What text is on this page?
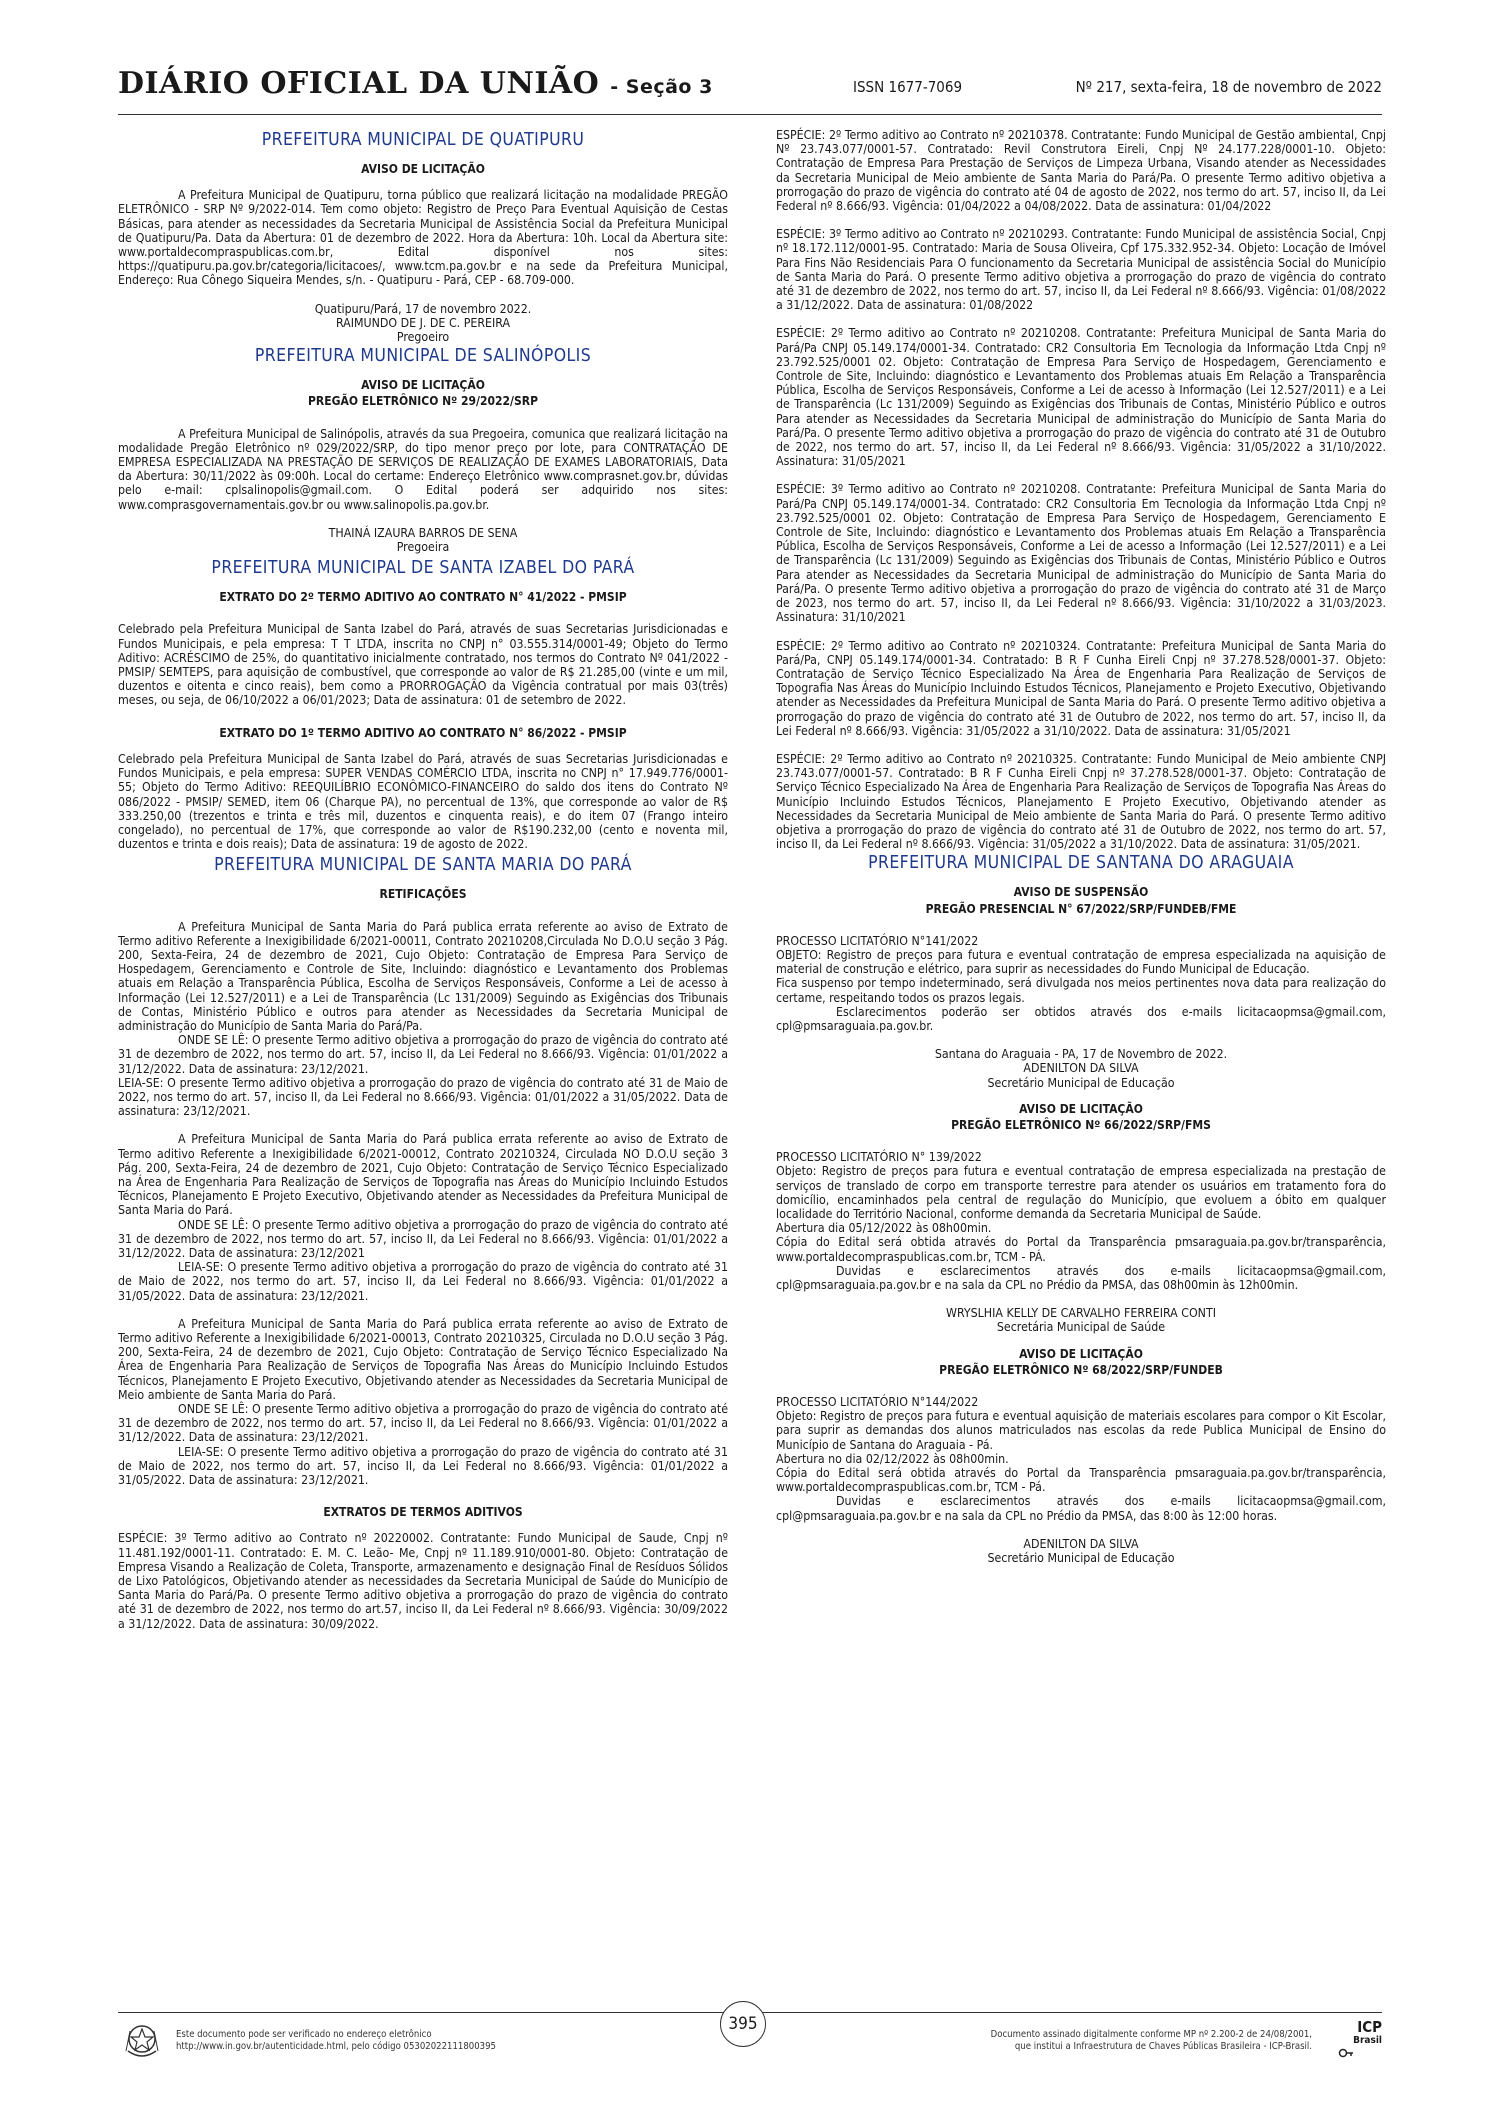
DIÁRIO OFICIAL DA UNIÃO - Seção 3	ISSN 1677-7069	Nº 217, sexta-feira, 18 de novembro de 2022
PREFEITURA MUNICIPAL DE QUATIPURU
AVISO DE LICITAÇÃO

A Prefeitura Municipal de Quatipuru, torna público que realizará licitação na modalidade PREGÃO ELETRÔNICO - SRP Nº 9/2022-014. Tem como objeto: Registro de Preço Para Eventual Aquisição de Cestas Básicas, para atender as necessidades da Secretaria Municipal de Assistência Social da Prefeitura Municipal de Quatipuru/Pa. Data da Abertura: 01 de dezembro de 2022. Hora da Abertura: 10h. Local da Abertura site: www.portaldecompraspublicas.com.br, Edital disponível nos sites: https://quatipuru.pa.gov.br/categoria/licitacoes/, www.tcm.pa.gov.br e na sede da Prefeitura Municipal, Endereço: Rua Cônego Siqueira Mendes, s/n. - Quatipuru - Pará, CEP - 68.709-000.

Quatipuru/Pará, 17 de novembro 2022.
RAIMUNDO DE J. DE C. PEREIRA
Pregoeiro
PREFEITURA MUNICIPAL DE SALINÓPOLIS
AVISO DE LICITAÇÃO
PREGÃO ELETRÔNICO Nº 29/2022/SRP

A Prefeitura Municipal de Salinópolis, através da sua Pregoeira, comunica que realizará licitação na modalidade Pregão Eletrônico nº 029/2022/SRP, do tipo menor preço por lote, para CONTRATAÇÃO DE EMPRESA ESPECIALIZADA NA PRESTAÇÃO DE SERVIÇOS DE REALIZAÇÃO DE EXAMES LABORATORIAIS, Data da Abertura: 30/11/2022 às 09:00h. Local do certame: Endereço Eletrônico www.comprasnet.gov.br, dúvidas pelo e-mail: cplsalinopolis@gmail.com. O Edital poderá ser adquirido nos sites: www.comprasgovernamentais.gov.br ou www.salinopolis.pa.gov.br.

THAINÁ IZAURA BARROS DE SENA
Pregoeira
PREFEITURA MUNICIPAL DE SANTA IZABEL DO PARÁ
EXTRATO DO 2º TERMO ADITIVO AO CONTRATO N° 41/2022 - PMSIP

Celebrado pela Prefeitura Municipal de Santa Izabel do Pará, através de suas Secretarias Jurisdicionadas e Fundos Municipais, e pela empresa: T T LTDA, inscrita no CNPJ n° 03.555.314/0001-49; Objeto do Termo Aditivo: ACRÉSCIMO de 25%, do quantitativo inicialmente contratado, nos termos do Contrato Nº 041/2022 - PMSIP/ SEMTEPS, para aquisição de combustível, que corresponde ao valor de R$ 21.285,00 (vinte e um mil, duzentos e oitenta e cinco reais), bem como a PRORROGAÇÃO da Vigência contratual por mais 03(três) meses, ou seja, de 06/10/2022 a 06/01/2023; Data de assinatura: 01 de setembro de 2022.

EXTRATO DO 1º TERMO ADITIVO AO CONTRATO N° 86/2022 - PMSIP

Celebrado pela Prefeitura Municipal de Santa Izabel do Pará, através de suas Secretarias Jurisdicionadas e Fundos Municipais, e pela empresa: SUPER VENDAS COMÉRCIO LTDA, inscrita no CNPJ n° 17.949.776/0001-55; Objeto do Termo Aditivo: REEQUILÍBRIO ECONÔMICO-FINANCEIRO do saldo dos itens do Contrato Nº 086/2022 - PMSIP/ SEMED, item 06 (Charque PA), no percentual de 13%, que corresponde ao valor de R$ 333.250,00 (trezentos e trinta e três mil, duzentos e cinquenta reais), e do item 07 (Frango inteiro congelado), no percentual de 17%, que corresponde ao valor de R$190.232,00 (cento e noventa mil, duzentos e trinta e dois reais); Data de assinatura: 19 de agosto de 2022.

PREFEITURA MUNICIPAL DE SANTA MARIA DO PARÁ
RETIFICAÇÕES

A Prefeitura Municipal de Santa Maria do Pará publica errata referente ao aviso de Extrato de Termo aditivo Referente a Inexigibilidade 6/2021-00011, Contrato 20210208,Circulada No D.O.U seção 3 Pág. 200, Sexta-Feira, 24 de dezembro de 2021, Cujo Objeto: Contratação de Empresa Para Serviço de Hospedagem, Gerenciamento e Controle de Site, Incluindo: diagnóstico e Levantamento dos Problemas atuais em Relação a Transparência Pública, Escolha de Serviços Responsáveis, Conforme a Lei de acesso à Informação (Lei 12.527/2011) e a Lei de Transparência (Lc 131/2009) Seguindo as Exigências dos Tribunais de Contas, Ministério Público e outros para atender as Necessidades da Secretaria Municipal de administração do Município de Santa Maria do Pará/Pa.

ONDE SE LÊ: O presente Termo aditivo objetiva a prorrogação do prazo de vigência do contrato até 31 de dezembro de 2022, nos termo do art. 57, inciso II, da Lei Federal no 8.666/93. Vigência: 01/01/2022 a 31/12/2022. Data de assinatura: 23/12/2021.

LEIA-SE: O presente Termo aditivo objetiva a prorrogação do prazo de vigência do contrato até 31 de Maio de 2022, nos termo do art. 57, inciso II, da Lei Federal no 8.666/93. Vigência: 01/01/2022 a 31/05/2022. Data de assinatura: 23/12/2021.

A Prefeitura Municipal de Santa Maria do Pará publica errata referente ao aviso de Extrato de Termo aditivo Referente a Inexigibilidade 6/2021-00012, Contrato 20210324, Circulada NO D.O.U seção 3 Pág. 200, Sexta-Feira, 24 de dezembro de 2021, Cujo Objeto: Contratação de Serviço Técnico Especializado na Área de Engenharia Para Realização de Serviços de Topografia nas Áreas do Município Incluindo Estudos Técnicos, Planejamento E Projeto Executivo, Objetivando atender as Necessidades da Prefeitura Municipal de Santa Maria do Pará.

ONDE SE LÊ: O presente Termo aditivo objetiva a prorrogação do prazo de vigência do contrato até 31 de dezembro de 2022, nos termo do art. 57, inciso II, da Lei Federal no 8.666/93. Vigência: 01/01/2022 a 31/12/2022. Data de assinatura: 23/12/2021

LEIA-SE: O presente Termo aditivo objetiva a prorrogação do prazo de vigência do contrato até 31 de Maio de 2022, nos termo do art. 57, inciso II, da Lei Federal no 8.666/93. Vigência: 01/01/2022 a 31/05/2022. Data de assinatura: 23/12/2021.

A Prefeitura Municipal de Santa Maria do Pará publica errata referente ao aviso de Extrato de Termo aditivo Referente a Inexigibilidade 6/2021-00013, Contrato 20210325, Circulada no D.O.U seção 3 Pág. 200, Sexta-Feira, 24 de dezembro de 2021, Cujo Objeto: Contratação de Serviço Técnico Especializado Na Área de Engenharia Para Realização de Serviços de Topografia Nas Áreas do Município Incluindo Estudos Técnicos, Planejamento E Projeto Executivo, Objetivando atender as Necessidades da Secretaria Municipal de Meio ambiente de Santa Maria do Pará.

ONDE SE LÊ: O presente Termo aditivo objetiva a prorrogação do prazo de vigência do contrato até 31 de dezembro de 2022, nos termo do art. 57, inciso II, da Lei Federal no 8.666/93. Vigência: 01/01/2022 a 31/12/2022. Data de assinatura: 23/12/2021.

LEIA-SE: O presente Termo aditivo objetiva a prorrogação do prazo de vigência do contrato até 31 de Maio de 2022, nos termo do art. 57, inciso II, da Lei Federal no 8.666/93. Vigência: 01/01/2022 a 31/05/2022. Data de assinatura: 23/12/2021.

EXTRATOS DE TERMOS ADITIVOS

ESPÉCIE: 3º Termo aditivo ao Contrato nº 20220002. Contratante: Fundo Municipal de Saude, Cnpj nº 11.481.192/0001-11. Contratado: E. M. C. Leão- Me, Cnpj nº 11.189.910/0001-80. Objeto: Contratação de Empresa Visando a Realização de Coleta, Transporte, armazenamento e designação Final de Resíduos Sólidos de Lixo Patológicos, Objetivando atender as necessidades da Secretaria Municipal de Saúde do Município de Santa Maria do Pará/Pa. O presente Termo aditivo objetiva a prorrogação do prazo de vigência do contrato até 31 de dezembro de 2022, nos termo do art.57, inciso II, da Lei Federal nº 8.666/93. Vigência: 30/09/2022 a 31/12/2022. Data de assinatura: 30/09/2022.

ESPÉCIE: 2º Termo aditivo ao Contrato nº 20210378. Contratante: Fundo Municipal de Gestão ambiental, Cnpj Nº 23.743.077/0001-57. Contratado: Revil Construtora Eireli, Cnpj Nº 24.177.228/0001-10. Objeto: Contratação de Empresa Para Prestação de Serviços de Limpeza Urbana, Visando atender as Necessidades da Secretaria Municipal de Meio ambiente de Santa Maria do Pará/Pa. O presente Termo aditivo objetiva a prorrogação do prazo de vigência do contrato até 04 de agosto de 2022, nos termo do art. 57, inciso II, da Lei Federal nº 8.666/93. Vigência: 01/04/2022 a 04/08/2022. Data de assinatura: 01/04/2022

ESPÉCIE: 3º Termo aditivo ao Contrato nº 20210293. Contratante: Fundo Municipal de assistência Social, Cnpj nº 18.172.112/0001-95. Contratado: Maria de Sousa Oliveira, Cpf 175.332.952-34. Objeto: Locação de Imóvel Para Fins Não Residenciais Para O funcionamento da Secretaria Municipal de assistência Social do Município de Santa Maria do Pará. O presente Termo aditivo objetiva a prorrogação do prazo de vigência do contrato até 31 de dezembro de 2022, nos termo do art. 57, inciso II, da Lei Federal nº 8.666/93. Vigência: 01/08/2022 a 31/12/2022. Data de assinatura: 01/08/2022

ESPÉCIE: 2º Termo aditivo ao Contrato nº 20210208. Contratante: Prefeitura Municipal de Santa Maria do Pará/Pa CNPJ 05.149.174/0001-34. Contratado: CR2 Consultoria Em Tecnologia da Informação Ltda Cnpj nº 23.792.525/0001 02. Objeto: Contratação de Empresa Para Serviço de Hospedagem, Gerenciamento e Controle de Site, Incluindo: diagnóstico e Levantamento dos Problemas atuais Em Relação a Transparência Pública, Escolha de Serviços Responsáveis, Conforme a Lei de acesso à Informação (Lei 12.527/2011) e a Lei de Transparência (Lc 131/2009) Seguindo as Exigências dos Tribunais de Contas, Ministério Público e outros Para atender as Necessidades da Secretaria Municipal de administração do Município de Santa Maria do Pará/Pa. O presente Termo aditivo objetiva a prorrogação do prazo de vigência do contrato até 31 de Outubro de 2022, nos termo do art. 57, inciso II, da Lei Federal nº 8.666/93. Vigência: 31/05/2022 a 31/10/2022. Assinatura: 31/05/2021

ESPÉCIE: 3º Termo aditivo ao Contrato nº 20210208. Contratante: Prefeitura Municipal de Santa Maria do Pará/Pa CNPJ 05.149.174/0001-34. Contratado: CR2 Consultoria Em Tecnologia da Informação Ltda Cnpj nº 23.792.525/0001 02. Objeto: Contratação de Empresa Para Serviço de Hospedagem, Gerenciamento E Controle de Site, Incluindo: diagnóstico e Levantamento dos Problemas atuais Em Relação a Transparência Pública, Escolha de Serviços Responsáveis, Conforme a Lei de acesso a Informação (Lei 12.527/2011) e a Lei de Transparência (Lc 131/2009) Seguindo as Exigências dos Tribunais de Contas, Ministério Público e Outros Para atender as Necessidades da Secretaria Municipal de administração do Município de Santa Maria do Pará/Pa. O presente Termo aditivo objetiva a prorrogação do prazo de vigência do contrato até 31 de Março de 2023, nos termo do art. 57, inciso II, da Lei Federal nº 8.666/93. Vigência: 31/10/2022 a 31/03/2023. Assinatura: 31/10/2021

ESPÉCIE: 2º Termo aditivo ao Contrato nº 20210324. Contratante: Prefeitura Municipal de Santa Maria do Pará/Pa, CNPJ 05.149.174/0001-34. Contratado: B R F Cunha Eireli Cnpj nº 37.278.528/0001-37. Objeto: Contratação de Serviço Técnico Especializado Na Área de Engenharia Para Realização de Serviços de Topografia Nas Áreas do Município Incluindo Estudos Técnicos, Planejamento e Projeto Executivo, Objetivando atender as Necessidades da Prefeitura Municipal de Santa Maria do Pará. O presente Termo aditivo objetiva a prorrogação do prazo de vigência do contrato até 31 de Outubro de 2022, nos termo do art. 57, inciso II, da Lei Federal nº 8.666/93. Vigência: 31/05/2022 a 31/10/2022. Data de assinatura: 31/05/2021

ESPÉCIE: 2º Termo aditivo ao Contrato nº 20210325. Contratante: Fundo Municipal de Meio ambiente CNPJ 23.743.077/0001-57. Contratado: B R F Cunha Eireli Cnpj nº 37.278.528/0001-37. Objeto: Contratação de Serviço Técnico Especializado Na Área de Engenharia Para Realização de Serviços de Topografia Nas Áreas do Município Incluindo Estudos Técnicos, Planejamento E Projeto Executivo, Objetivando atender as Necessidades da Secretaria Municipal de Meio ambiente de Santa Maria do Pará. O presente Termo aditivo objetiva a prorrogação do prazo de vigência do contrato até 31 de Outubro de 2022, nos termo do art. 57, inciso II, da Lei Federal nº 8.666/93. Vigência: 31/05/2022 a 31/10/2022. Data de assinatura: 31/05/2021.

PREFEITURA MUNICIPAL DE SANTANA DO ARAGUAIA
AVISO DE SUSPENSÃO
PREGÃO PRESENCIAL N° 67/2022/SRP/FUNDEB/FME

PROCESSO LICITATÓRIO N°141/2022

OBJETO: Registro de preços para futura e eventual contratação de empresa especializada na aquisição de material de construção e elétrico, para suprir as necessidades do Fundo Municipal de Educação.

Fica suspenso por tempo indeterminado, será divulgada nos meios pertinentes nova data para realização do certame, respeitando todos os prazos legais.

Esclarecimentos poderão ser obtidos através dos e-mails licitacaopmsa@gmail.com, cpl@pmsaraguaia.pa.gov.br.

Santana do Araguaia - PA, 17 de Novembro de 2022.
ADENILTON DA SILVA
Secretário Municipal de Educação
AVISO DE LICITAÇÃO
PREGÃO ELETRÔNICO Nº 66/2022/SRP/FMS

PROCESSO LICITATÓRIO N° 139/2022

Objeto: Registro de preços para futura e eventual contratação de empresa especializada na prestação de serviços de translado de corpo em transporte terrestre para atender os usuários em tratamento fora do domicílio, encaminhados pela central de regulação do Município, que evoluem a óbito em qualquer localidade do Território Nacional, conforme demanda da Secretaria Municipal de Saúde.

Abertura dia 05/12/2022 às 08h00min.

Cópia do Edital será obtida através do Portal da Transparência pmsaraguaia.pa.gov.br/transparência, www.portaldecompraspublicas.com.br, TCM - PÁ.

Duvidas e esclarecimentos através dos e-mails licitacaopmsa@gmail.com, cpl@pmsaraguaia.pa.gov.br e na sala da CPL no Prédio da PMSA, das 08h00min às 12h00min.

WRYSLHIA KELLY DE CARVALHO FERREIRA CONTI
Secretária Municipal de Saúde
AVISO DE LICITAÇÃO
PREGÃO ELETRÔNICO Nº 68/2022/SRP/FUNDEB

PROCESSO LICITATÓRIO N°144/2022

Objeto: Registro de preços para futura e eventual aquisição de materiais escolares para compor o Kit Escolar, para suprir as demandas dos alunos matriculados nas escolas da rede Publica Municipal de Ensino do Município de Santana do Araguaia - Pá.

Abertura no dia 02/12/2022 às 08h00min.

Cópia do Edital será obtida através do Portal da Transparência pmsaraguaia.pa.gov.br/transparência, www.portaldecompraspublicas.com.br, TCM - Pá.

Duvidas e esclarecimentos através dos e-mails licitacaopmsa@gmail.com, cpl@pmsaraguaia.pa.gov.br e na sala da CPL no Prédio da PMSA, das 8:00 às 12:00 horas.

ADENILTON DA SILVA
Secretário Municipal de Educação
Este documento pode ser verificado no endereço eletrônico
http://www.in.gov.br/autenticidade.html, pelo código 05302022111800395
395
Documento assinado digitalmente conforme MP nº 2.200-2 de 24/08/2001,
que institui a Infraestrutura de Chaves Públicas Brasileira - ICP-Brasil.
ICP
Brasil
